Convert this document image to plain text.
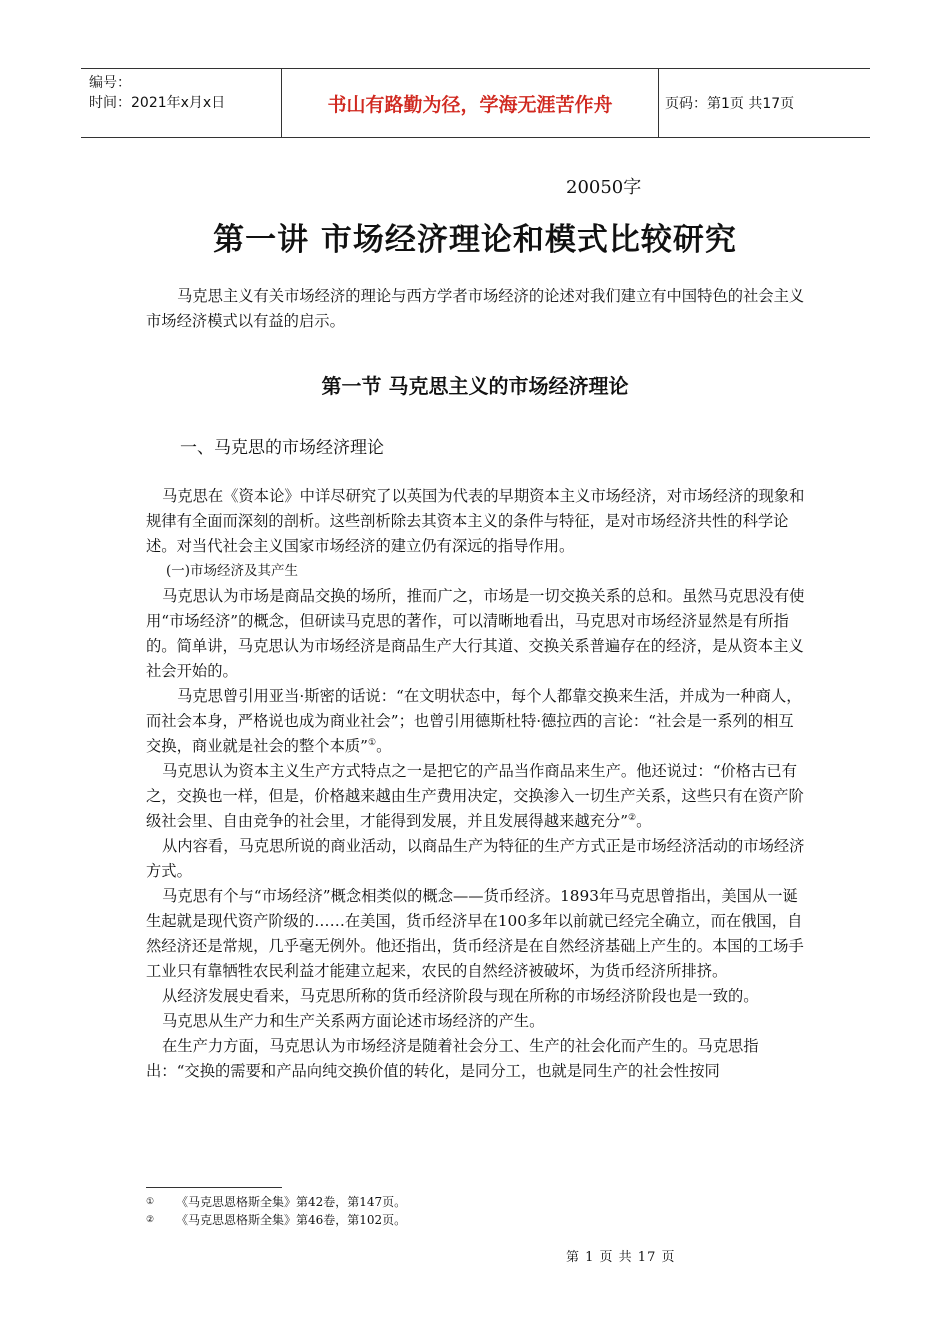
编号：
时间：2021年x月x日	书山有路勤为径，学海无涯苦作舟	页码：第1页 共17页
20050字
第一讲 市场经济理论和模式比较研究

马克思主义有关市场经济的理论与西方学者市场经济的论述对我们建立有中国特色的社会主义市场经济模式以有益的启示。

第一节 马克思主义的市场经济理论
一、马克思的市场经济理论

马克思在《资本论》中详尽研究了以英国为代表的早期资本主义市场经济，对市场经济的现象和规律有全面而深刻的剖析。这些剖析除去其资本主义的条件与特征，是对市场经济共性的科学论述。对当代社会主义国家市场经济的建立仍有深远的指导作用。

(一)市场经济及其产生

马克思认为市场是商品交换的场所，推而广之，市场是一切交换关系的总和。虽然马克思没有使用“市场经济”的概念，但研读马克思的著作，可以清晰地看出，马克思对市场经济显然是有所指的。简单讲，马克思认为市场经济是商品生产大行其道、交换关系普遍存在的经济，是从资本主义社会开始的。

马克思曾引用亚当·斯密的话说：“在文明状态中，每个人都靠交换来生活，并成为一种商人，而社会本身，严格说也成为商业社会”；也曾引用德斯杜特·德拉西的言论：“社会是一系列的相互交换，商业就是社会的整个本质”①。

马克思认为资本主义生产方式特点之一是把它的产品当作商品来生产。他还说过：“价格古已有之，交换也一样，但是，价格越来越由生产费用决定，交换渗入一切生产关系，这些只有在资产阶级社会里、自由竞争的社会里，才能得到发展，并且发展得越来越充分”②。

从内容看，马克思所说的商业活动，以商品生产为特征的生产方式正是市场经济活动的市场经济方式。

马克思有个与“市场经济”概念相类似的概念——货币经济。1893年马克思曾指出，美国从一诞生起就是现代资产阶级的……在美国，货币经济早在100多年以前就已经完全确立，而在俄国，自然经济还是常规，几乎毫无例外。他还指出，货币经济是在自然经济基础上产生的。本国的工场手工业只有靠牺牲农民利益才能建立起来，农民的自然经济被破坏，为货币经济所排挤。

从经济发展史看来，马克思所称的货币经济阶段与现在所称的市场经济阶段也是一致的。

马克思从生产力和生产关系两方面论述市场经济的产生。

在生产力方面，马克思认为市场经济是随着社会分工、生产的社会化而产生的。马克思指出：“交换的需要和产品向纯交换价值的转化，是同分工，也就是同生产的社会性按同

①	《马克思恩格斯全集》第42卷，第147页。
②	《马克思恩格斯全集》第46卷，第102页。
第 1 页 共 17 页
